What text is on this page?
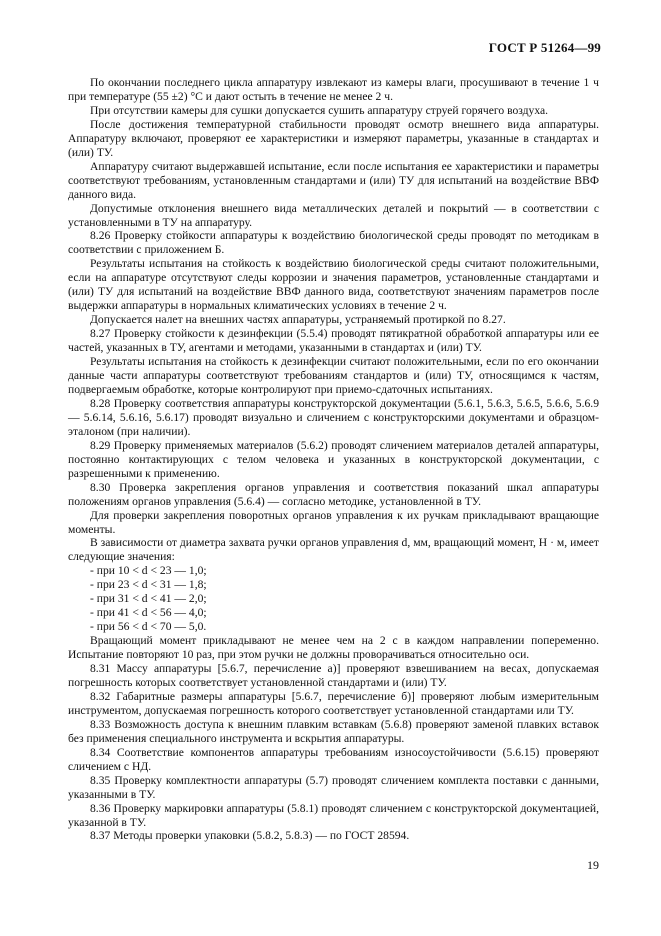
ГОСТ Р 51264—99

По окончании последнего цикла аппаратуру извлекают из камеры влаги, просушивают в течение 1 ч при температуре (55 ±2) °С и дают остыть в течение не менее 2 ч.

При отсутствии камеры для сушки допускается сушить аппаратуру струей горячего воздуха.

После достижения температурной стабильности проводят осмотр внешнего вида аппаратуры. Аппаратуру включают, проверяют ее характеристики и измеряют параметры, указанные в стандартах и (или) ТУ.

Аппаратуру считают выдержавшей испытание, если после испытания ее характеристики и параметры соответствуют требованиям, установленным стандартами и (или) ТУ для испытаний на воздействие ВВФ данного вида.

Допустимые отклонения внешнего вида металлических деталей и покрытий — в соответствии с установленными в ТУ на аппаратуру.

8.26 Проверку стойкости аппаратуры к воздействию биологической среды проводят по методикам в соответствии с приложением Б.

Результаты испытания на стойкость к воздействию биологической среды считают положительными, если на аппаратуре отсутствуют следы коррозии и значения параметров, установленные стандартами и (или) ТУ для испытаний на воздействие ВВФ данного вида, соответствуют значениям параметров после выдержки аппаратуры в нормальных климатических условиях в течение 2 ч.

Допускается налет на внешних частях аппаратуры, устраняемый протиркой по 8.27.

8.27 Проверку стойкости к дезинфекции (5.5.4) проводят пятикратной обработкой аппаратуры или ее частей, указанных в ТУ, агентами и методами, указанными в стандартах и (или) ТУ.

Результаты испытания на стойкость к дезинфекции считают положительными, если по его окончании данные части аппаратуры соответствуют требованиям стандартов и (или) ТУ, относящимся к частям, подвергаемым обработке, которые контролируют при приемо-сдаточных испытаниях.

8.28 Проверку соответствия аппаратуры конструкторской документации (5.6.1, 5.6.3, 5.6.5, 5.6.6, 5.6.9 — 5.6.14, 5.6.16, 5.6.17) проводят визуально и сличением с конструкторскими документами и образцом-эталоном (при наличии).

8.29 Проверку применяемых материалов (5.6.2) проводят сличением материалов деталей аппаратуры, постоянно контактирующих с телом человека и указанных в конструкторской документации, с разрешенными к применению.

8.30 Проверка закрепления органов управления и соответствия показаний шкал аппаратуры положениям органов управления (5.6.4) — согласно методике, установленной в ТУ.

Для проверки закрепления поворотных органов управления к их ручкам прикладывают вращающие моменты.

В зависимости от диаметра захвата ручки органов управления d, мм, вращающий момент, Н · м, имеет следующие значения:

- при 10 < d < 23 — 1,0;

- при 23 < d < 31 — 1,8;

- при 31 < d < 41 — 2,0;

- при 41 < d < 56 — 4,0;

- при 56 < d < 70 — 5,0.

Вращающий момент прикладывают не менее чем на 2 с в каждом направлении попеременно. Испытание повторяют 10 раз, при этом ручки не должны проворачиваться относительно оси.

8.31 Массу аппаратуры [5.6.7, перечисление а)] проверяют взвешиванием на весах, допускаемая погрешность которых соответствует установленной стандартами и (или) ТУ.

8.32 Габаритные размеры аппаратуры [5.6.7, перечисление б)] проверяют любым измерительным инструментом, допускаемая погрешность которого соответствует установленной стандартами или ТУ.

8.33 Возможность доступа к внешним плавким вставкам (5.6.8) проверяют заменой плавких вставок без применения специального инструмента и вскрытия аппаратуры.

8.34 Соответствие компонентов аппаратуры требованиям износоустойчивости (5.6.15) проверяют сличением с НД.

8.35 Проверку комплектности аппаратуры (5.7) проводят сличением комплекта поставки с данными, указанными в ТУ.

8.36 Проверку маркировки аппаратуры (5.8.1) проводят сличением с конструкторской документацией, указанной в ТУ.

8.37 Методы проверки упаковки (5.8.2, 5.8.3) — по ГОСТ 28594.

19
